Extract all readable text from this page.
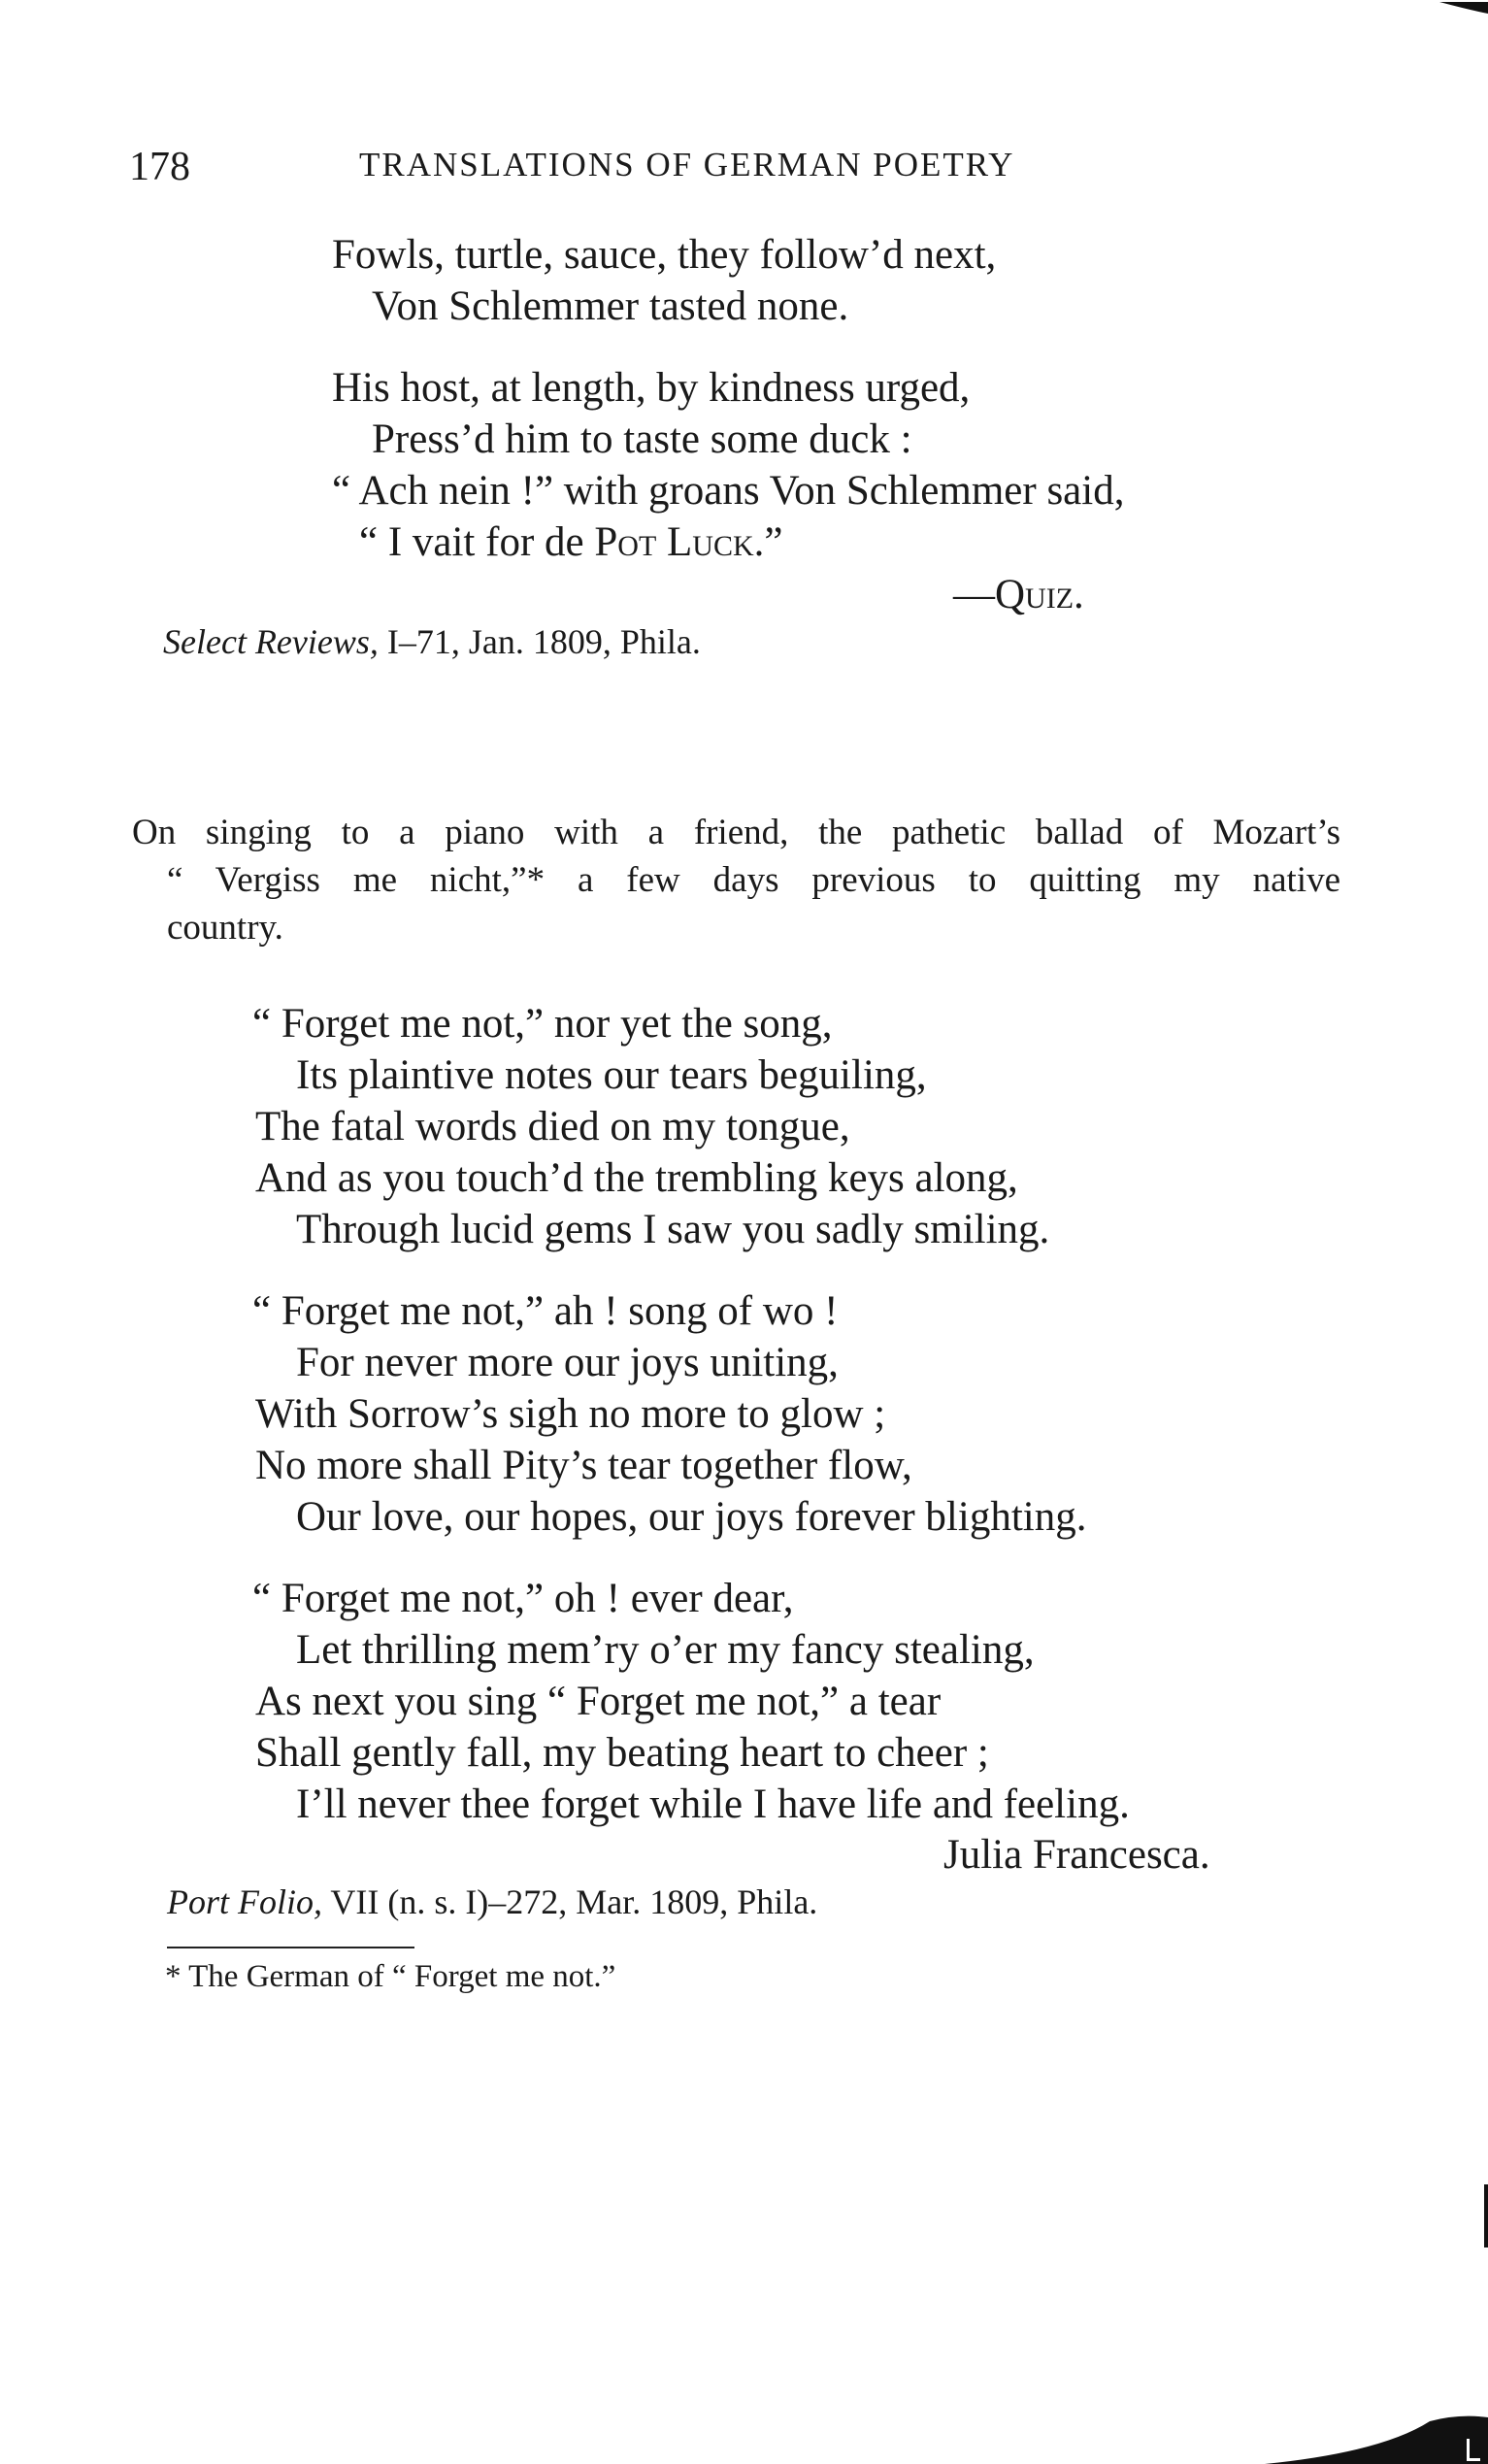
178	TRANSLATIONS OF GERMAN POETRY
Fowls, turtle, sauce, they follow’d next,
Von Schlemmer tasted none.
His host, at length, by kindness urged,
Press’d him to taste some duck :
“ Ach nein !” with groans Von Schlemmer said,
“ I vait for de Pot Luck.”
—Quiz.
Select Reviews, I–71, Jan. 1809, Phila.
On singing to a piano with a friend, the pathetic ballad of Mozart’s
“ Vergiss me nicht,”* a few days previous to quitting my native
country.
“ Forget me not,” nor yet the song,
Its plaintive notes our tears beguiling,
The fatal words died on my tongue,
And as you touch’d the trembling keys along,
Through lucid gems I saw you sadly smiling.
“ Forget me not,” ah ! song of wo !
For never more our joys uniting,
With Sorrow’s sigh no more to glow ;
No more shall Pity’s tear together flow,
Our love, our hopes, our joys forever blighting.
“ Forget me not,” oh ! ever dear,
Let thrilling mem’ry o’er my fancy stealing,
As next you sing “ Forget me not,” a tear
Shall gently fall, my beating heart to cheer ;
I’ll never thee forget while I have life and feeling.
Julia Francesca.
Port Folio, VII (n. s. I)–272, Mar. 1809, Phila.
* The German of “ Forget me not.”
